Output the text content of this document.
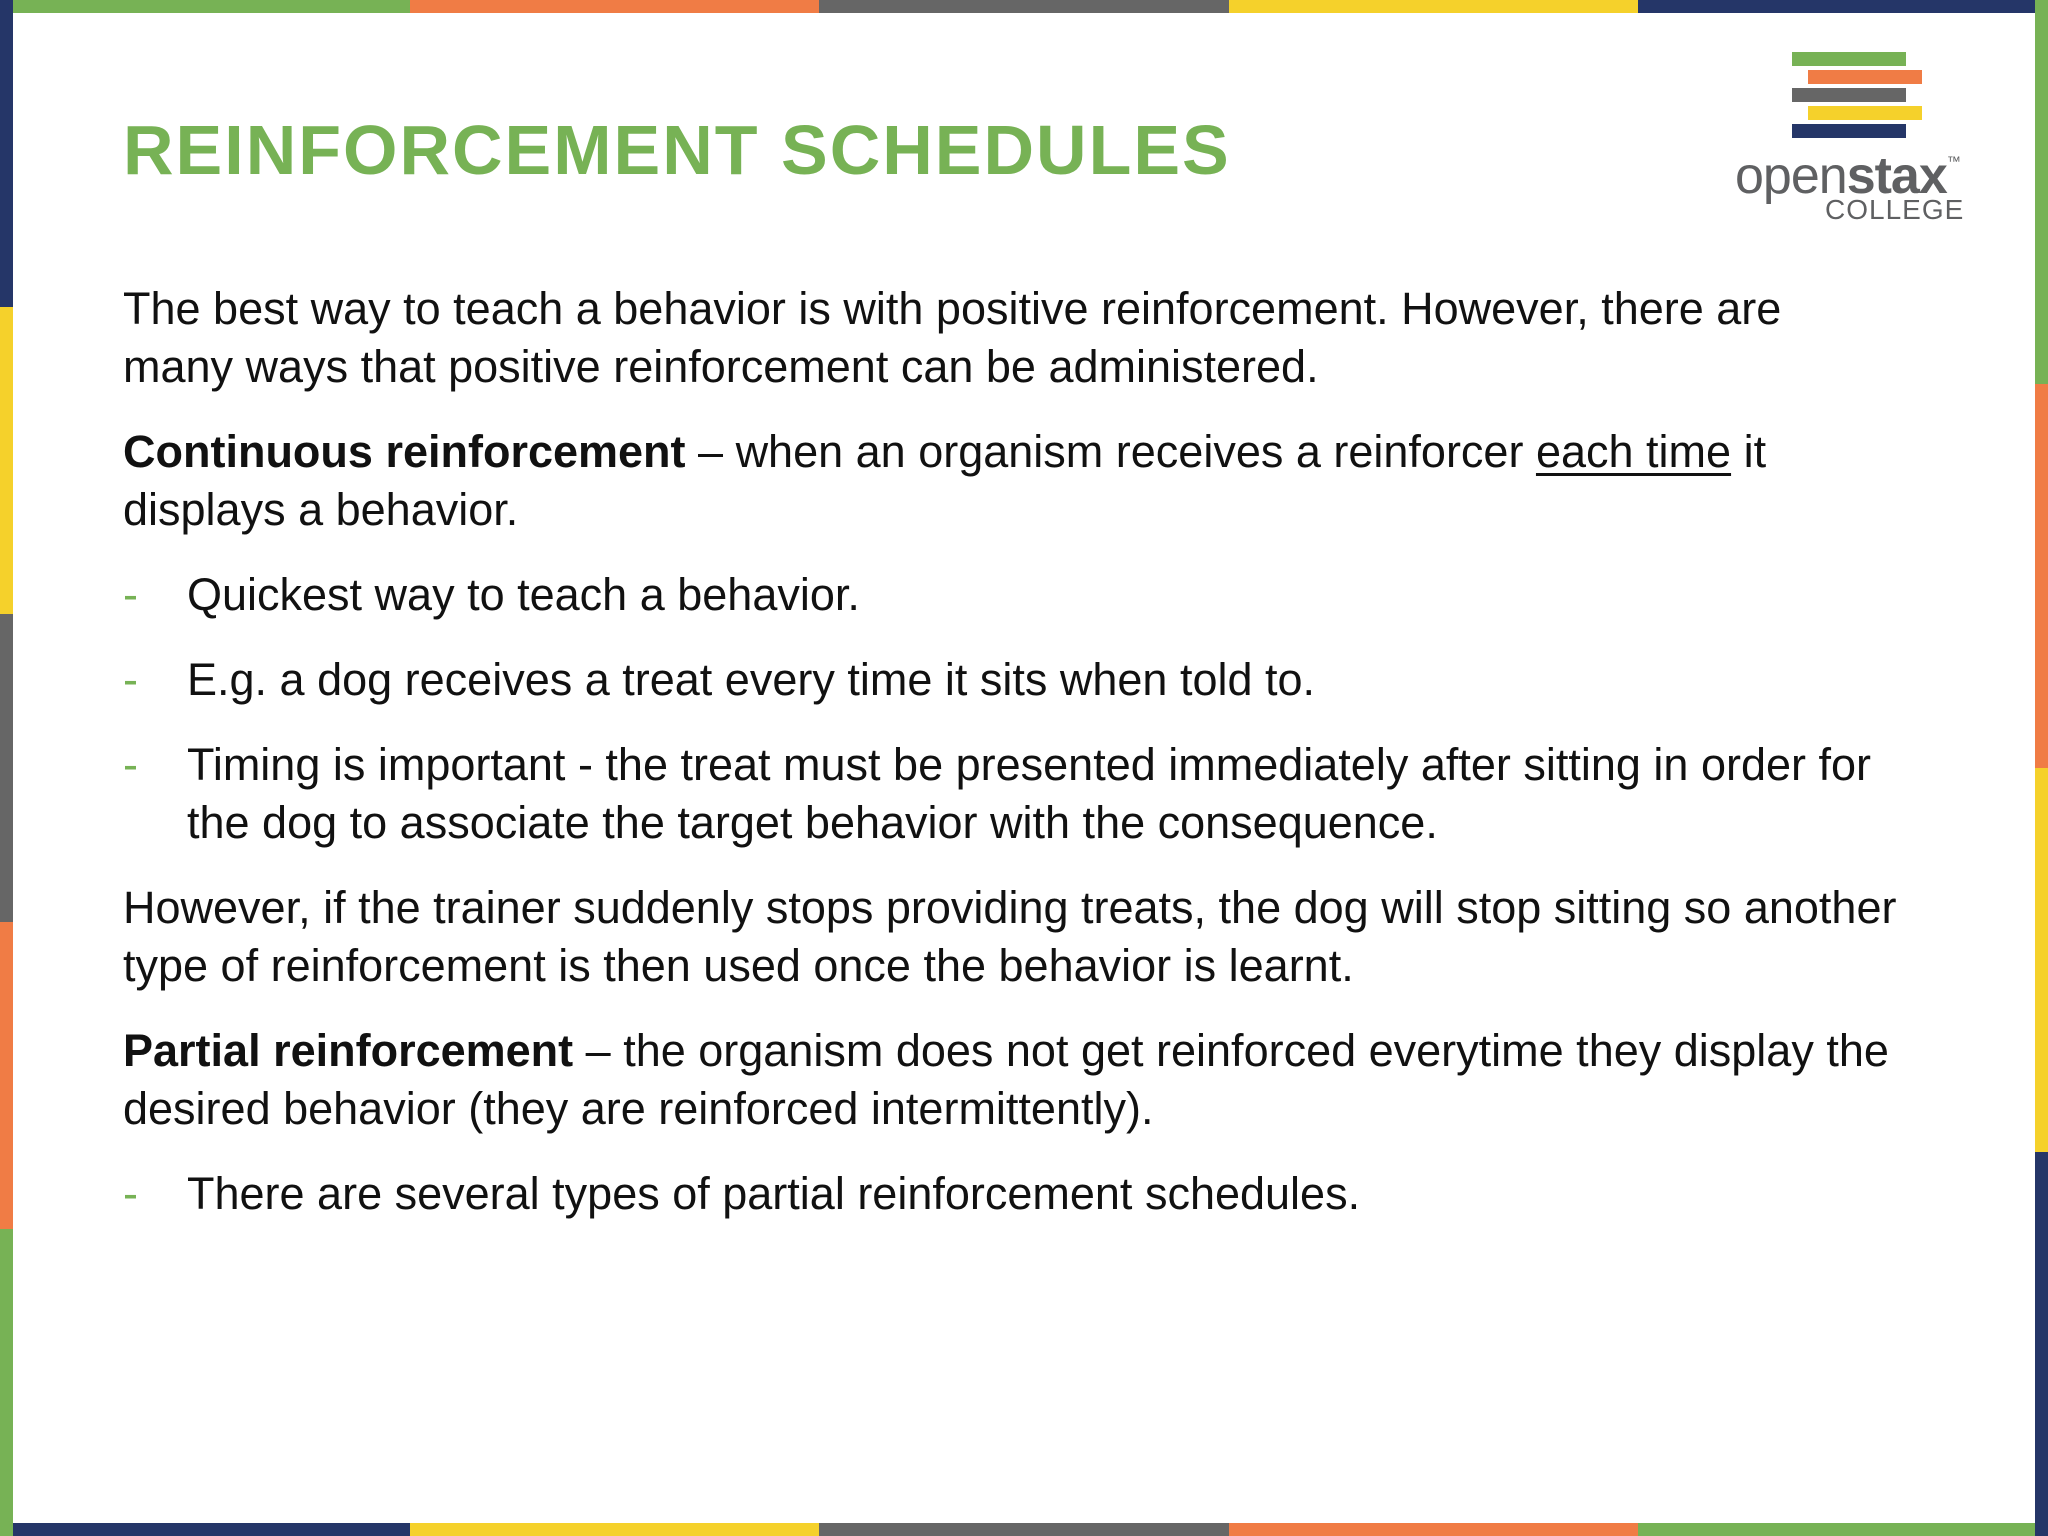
openstax™
COLLEGE
REINFORCEMENT SCHEDULES

The best way to teach a behavior is with positive reinforcement. However, there are many ways that positive reinforcement can be administered.

Continuous reinforcement – when an organism receives a reinforcer each time it displays a behavior.

- Quickest way to teach a behavior.
- E.g. a dog receives a treat every time it sits when told to.
- Timing is important - the treat must be presented immediately after sitting in order for the dog to associate the target behavior with the consequence.

However, if the trainer suddenly stops providing treats, the dog will stop sitting so another type of reinforcement is then used once the behavior is learnt.

Partial reinforcement – the organism does not get reinforced everytime they display the desired behavior (they are reinforced intermittently).

- There are several types of partial reinforcement schedules.
